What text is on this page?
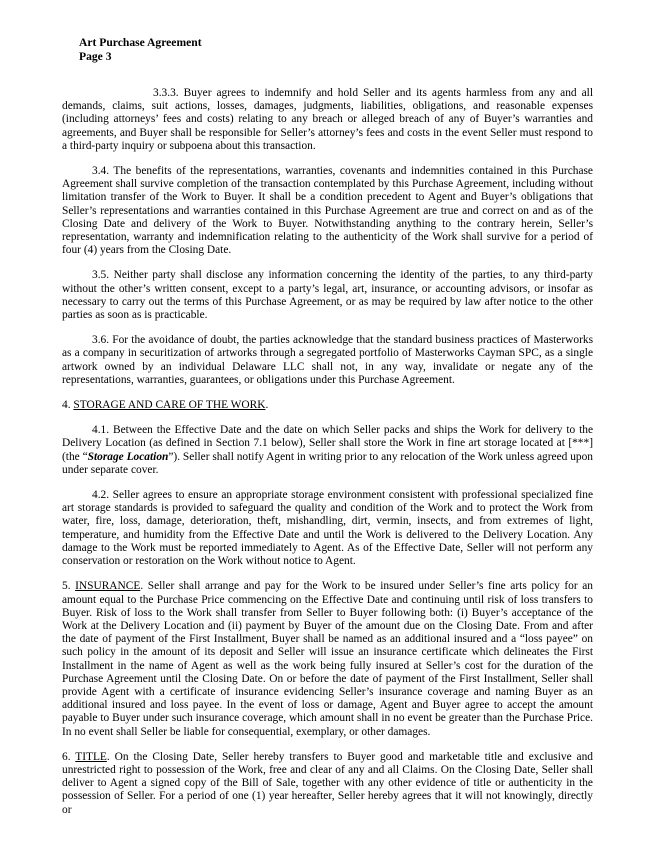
Art Purchase Agreement
Page 3

3.3.3. Buyer agrees to indemnify and hold Seller and its agents harmless from any and all demands, claims, suit actions, losses, damages, judgments, liabilities, obligations, and reasonable expenses (including attorneys’ fees and costs) relating to any breach or alleged breach of any of Buyer’s warranties and agreements, and Buyer shall be responsible for Seller’s attorney’s fees and costs in the event Seller must respond to a third-party inquiry or subpoena about this transaction.

3.4. The benefits of the representations, warranties, covenants and indemnities contained in this Purchase Agreement shall survive completion of the transaction contemplated by this Purchase Agreement, including without limitation transfer of the Work to Buyer. It shall be a condition precedent to Agent and Buyer’s obligations that Seller’s representations and warranties contained in this Purchase Agreement are true and correct on and as of the Closing Date and delivery of the Work to Buyer. Notwithstanding anything to the contrary herein, Seller’s representation, warranty and indemnification relating to the authenticity of the Work shall survive for a period of four (4) years from the Closing Date.

3.5. Neither party shall disclose any information concerning the identity of the parties, to any third-party without the other’s written consent, except to a party’s legal, art, insurance, or accounting advisors, or insofar as necessary to carry out the terms of this Purchase Agreement, or as may be required by law after notice to the other parties as soon as is practicable.

3.6. For the avoidance of doubt, the parties acknowledge that the standard business practices of Masterworks as a company in securitization of artworks through a segregated portfolio of Masterworks Cayman SPC, as a single artwork owned by an individual Delaware LLC shall not, in any way, invalidate or negate any of the representations, warranties, guarantees, or obligations under this Purchase Agreement.

4. STORAGE AND CARE OF THE WORK.

4.1. Between the Effective Date and the date on which Seller packs and ships the Work for delivery to the Delivery Location (as defined in Section 7.1 below), Seller shall store the Work in fine art storage located at [***] (the “Storage Location”). Seller shall notify Agent in writing prior to any relocation of the Work unless agreed upon under separate cover.

4.2. Seller agrees to ensure an appropriate storage environment consistent with professional specialized fine art storage standards is provided to safeguard the quality and condition of the Work and to protect the Work from water, fire, loss, damage, deterioration, theft, mishandling, dirt, vermin, insects, and from extremes of light, temperature, and humidity from the Effective Date and until the Work is delivered to the Delivery Location. Any damage to the Work must be reported immediately to Agent. As of the Effective Date, Seller will not perform any conservation or restoration on the Work without notice to Agent.

5. INSURANCE. Seller shall arrange and pay for the Work to be insured under Seller’s fine arts policy for an amount equal to the Purchase Price commencing on the Effective Date and continuing until risk of loss transfers to Buyer. Risk of loss to the Work shall transfer from Seller to Buyer following both: (i) Buyer’s acceptance of the Work at the Delivery Location and (ii) payment by Buyer of the amount due on the Closing Date. From and after the date of payment of the First Installment, Buyer shall be named as an additional insured and a “loss payee” on such policy in the amount of its deposit and Seller will issue an insurance certificate which delineates the First Installment in the name of Agent as well as the work being fully insured at Seller’s cost for the duration of the Purchase Agreement until the Closing Date. On or before the date of payment of the First Installment, Seller shall provide Agent with a certificate of insurance evidencing Seller’s insurance coverage and naming Buyer as an additional insured and loss payee. In the event of loss or damage, Agent and Buyer agree to accept the amount payable to Buyer under such insurance coverage, which amount shall in no event be greater than the Purchase Price. In no event shall Seller be liable for consequential, exemplary, or other damages.

6. TITLE. On the Closing Date, Seller hereby transfers to Buyer good and marketable title and exclusive and unrestricted right to possession of the Work, free and clear of any and all Claims. On the Closing Date, Seller shall deliver to Agent a signed copy of the Bill of Sale, together with any other evidence of title or authenticity in the possession of Seller. For a period of one (1) year hereafter, Seller hereby agrees that it will not knowingly, directly or
